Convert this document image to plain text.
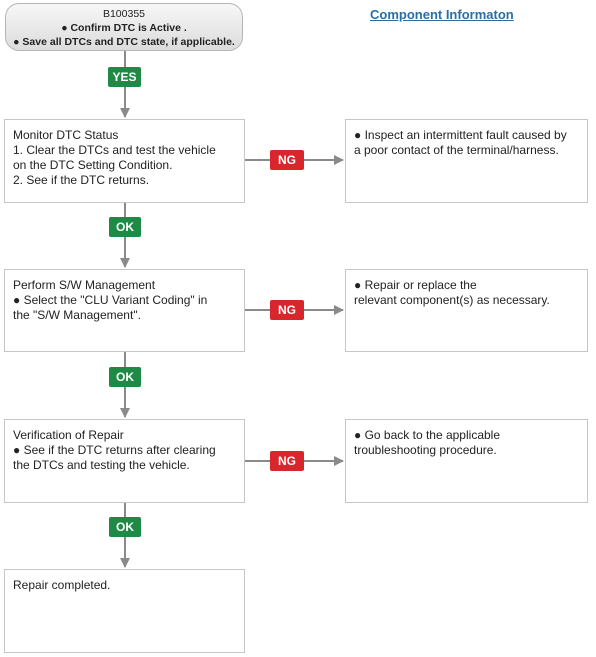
B100355
● Confirm DTC is Active .
● Save all DTCs and DTC state, if applicable.
Component Informaton
YES
OK
OK
OK
NG
NG
NG
Monitor DTC Status
1. Clear the DTCs and test the vehicle
on the DTC Setting Condition.
2. See if the DTC returns.
Perform S/W Management
● Select the "CLU Variant Coding" in
the "S/W Management".
Verification of Repair
● See if the DTC returns after clearing
the DTCs and testing the vehicle.
Repair completed.
● Inspect an intermittent fault caused by
a poor contact of the terminal/harness.
● Repair or replace the
relevant component(s) as necessary.
● Go back to the applicable
troubleshooting procedure.
